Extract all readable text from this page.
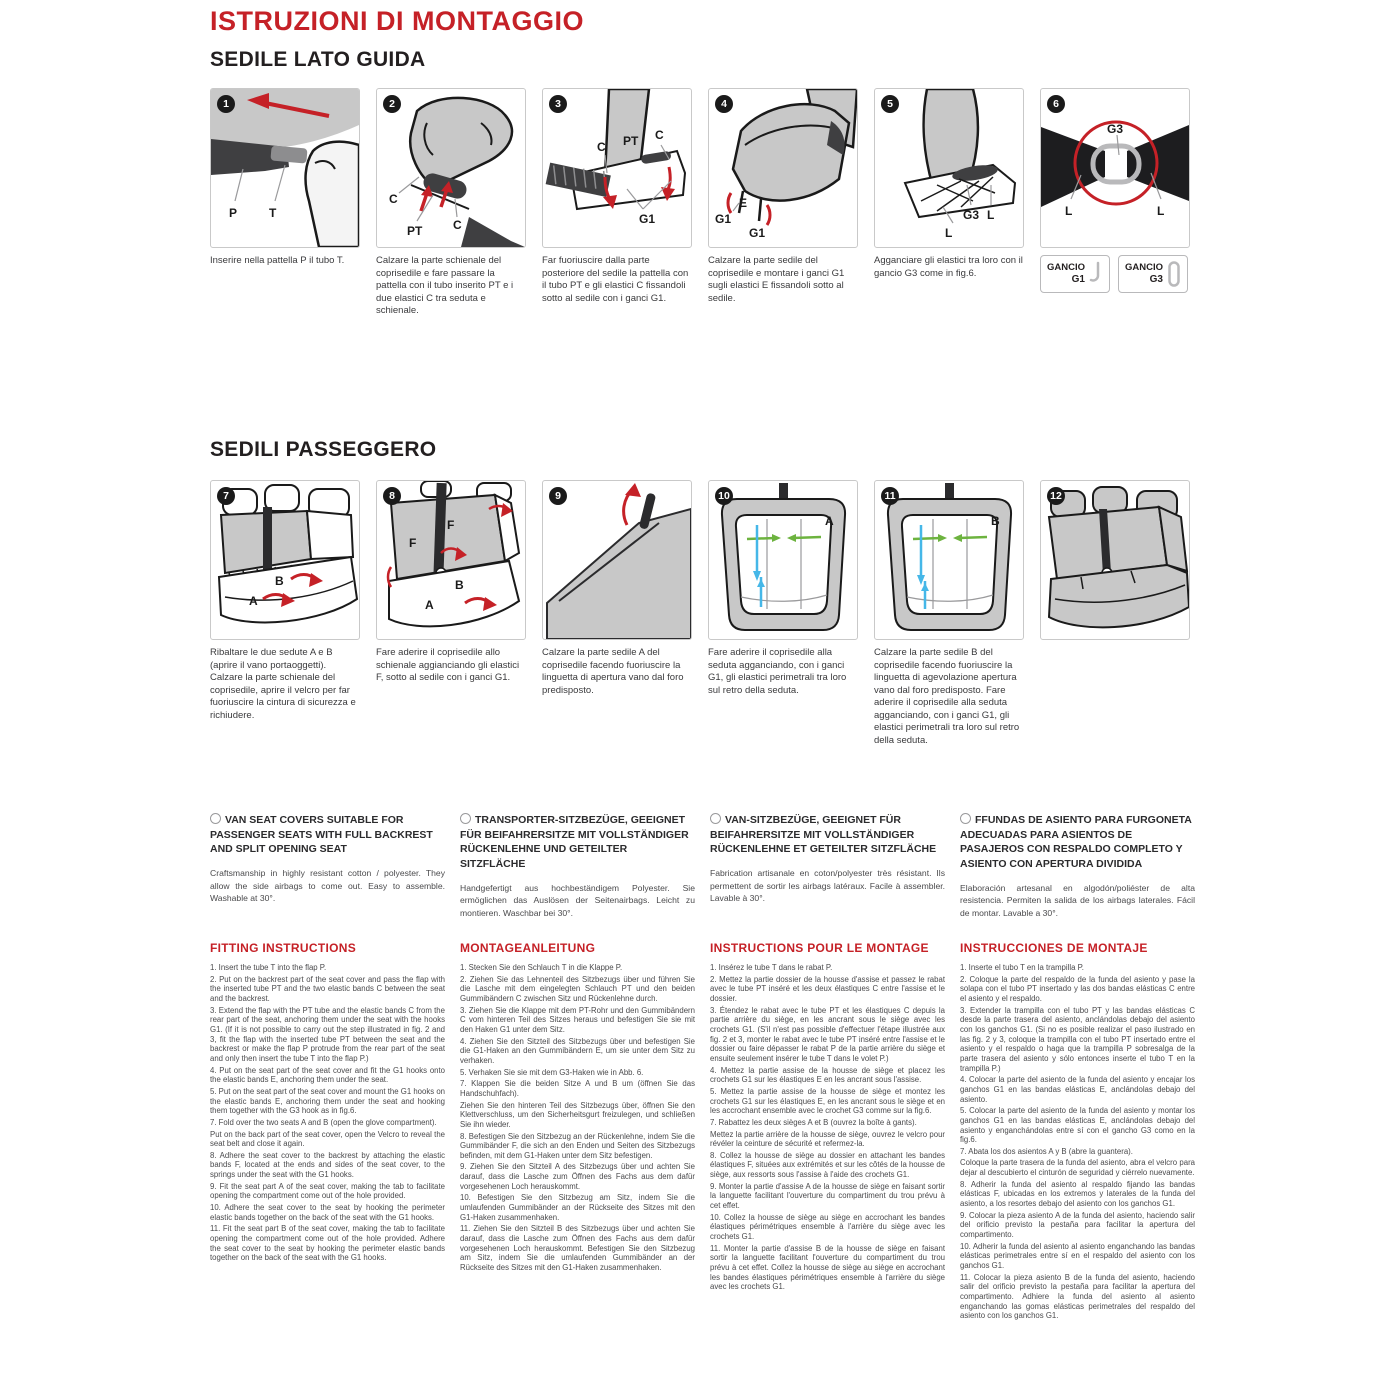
ISTRUZIONI DI MONTAGGIO
SEDILE LATO GUIDA
1
P	T

Inserire nella pattella P il tubo T.

2
C
PT	C

Calzare la parte schienale del coprisedile e fare passare la pattella con il tubo inserito PT e i due elastici C tra seduta e schienale.

3
C PT C
G1

Far fuoriuscire dalla parte posteriore del sedile la pattella con il tubo PT e gli elastici C fissandoli sotto al sedile con i ganci G1.

4
G1
E
G1

Calzare la parte sedile del coprisedile e montare i ganci G1 sugli elastici E fissandoli sotto al sedile.

5
G3 L
L

Agganciare gli elastici tra loro con il gancio G3 come in fig.6.

6
G3
L	L
GANCIO
G1
GANCIO
G3
SEDILI PASSEGGERO
7
A
B

Ribaltare le due sedute A e B (aprire il vano portaoggetti). Calzare la parte schienale del coprisedile, aprire il velcro per far fuoriuscire la cintura di sicurezza e richiudere.

8
F
F
A
B

Fare aderire il coprisedile allo schienale aggianciando gli elastici F, sotto al sedile con i ganci G1.

9

Calzare la parte sedile A del coprisedile facendo fuoriuscire la linguetta di apertura vano dal foro predisposto.

10
A

Fare aderire il coprisedile alla seduta agganciando, con i ganci G1, gli elastici perimetrali tra loro sul retro della seduta.

11
B

Calzare la parte sedile B del coprisedile facendo fuoriuscire la linguetta di agevolazione apertura vano dal foro predisposto. Fare aderire il coprisedile alla seduta agganciando, con i ganci G1, gli elastici perimetrali tra loro sul retro della seduta.

12

VAN SEAT COVERS SUITABLE FOR PASSENGER SEATS WITH FULL BACKREST AND SPLIT OPENING SEAT

Craftsmanship in highly resistant cotton / polyester. They allow the side airbags to come out. Easy to assemble. Washable at 30°.

TRANSPORTER-SITZBEZÜGE, GEEIGNET FÜR BEIFAHRERSITZE MIT VOLLSTÄNDIGER RÜCKENLEHNE UND GETEILTER SITZFLÄCHE

Handgefertigt aus hochbeständigem Polyester. Sie ermöglichen das Auslösen der Seitenairbags. Leicht zu montieren. Waschbar bei 30°.

VAN-SITZBEZÜGE, GEEIGNET FÜR BEIFAHRERSITZE MIT VOLLSTÄNDIGER RÜCKENLEHNE ET GETEILTER SITZFLÄCHE

Fabrication artisanale en coton/polyester très résistant. Ils permettent de sortir les airbags latéraux. Facile à assembler. Lavable à 30°.

FFUNDAS DE ASIENTO PARA FURGONETA ADECUADAS PARA ASIENTOS DE PASAJEROS CON RESPALDO COMPLETO Y ASIENTO CON APERTURA DIVIDIDA

Elaboración artesanal en algodón/poliéster de alta resistencia. Permiten la salida de los airbags laterales. Fácil de montar. Lavable a 30°.

FITTING INSTRUCTIONS

1. Insert the tube T into the flap P.

2. Put on the backrest part of the seat cover and pass the flap with the inserted tube PT and the two elastic bands C between the seat and the backrest.

3. Extend the flap with the PT tube and the elastic bands C from the rear part of the seat, anchoring them under the seat with the hooks G1. (If it is not possible to carry out the step illustrated in fig. 2 and 3, fit the flap with the inserted tube PT between the seat and the backrest or make the flap P protrude from the rear part of the seat and only then insert the tube T into the flap P.)

4. Put on the seat part of the seat cover and fit the G1 hooks onto the elastic bands E, anchoring them under the seat.

5. Put on the seat part of the seat cover and mount the G1 hooks on the elastic bands E, anchoring them under the seat and hooking them together with the G3 hook as in fig.6.

7. Fold over the two seats A and B (open the glove compartment).

Put on the back part of the seat cover, open the Velcro to reveal the seat belt and close it again.

8. Adhere the seat cover to the backrest by attaching the elastic bands F, located at the ends and sides of the seat cover, to the springs under the seat with the G1 hooks.

9. Fit the seat part A of the seat cover, making the tab to facilitate opening the compartment come out of the hole provided.

10. Adhere the seat cover to the seat by hooking the perimeter elastic bands together on the back of the seat with the G1 hooks.

11. Fit the seat part B of the seat cover, making the tab to facilitate opening the compartment come out of the hole provided. Adhere the seat cover to the seat by hooking the perimeter elastic bands together on the back of the seat with the G1 hooks.

MONTAGEANLEITUNG

1. Stecken Sie den Schlauch T in die Klappe P.

2. Ziehen Sie das Lehnenteil des Sitzbezugs über und führen Sie die Lasche mit dem eingelegten Schlauch PT und den beiden Gummibändern C zwischen Sitz und Rückenlehne durch.

3. Ziehen Sie die Klappe mit dem PT-Rohr und den Gummibändern C vom hinteren Teil des Sitzes heraus und befestigen Sie sie mit den Haken G1 unter dem Sitz.

4. Ziehen Sie den Sitzteil des Sitzbezugs über und befestigen Sie die G1-Haken an den Gummibändern E, um sie unter dem Sitz zu verhaken.

5. Verhaken Sie sie mit dem G3-Haken wie in Abb. 6.

7. Klappen Sie die beiden Sitze A und B um (öffnen Sie das Handschuhfach).

Ziehen Sie den hinteren Teil des Sitzbezugs über, öffnen Sie den Klettverschluss, um den Sicherheitsgurt freizulegen, und schließen Sie ihn wieder.

8. Befestigen Sie den Sitzbezug an der Rückenlehne, indem Sie die Gummibänder F, die sich an den Enden und Seiten des Sitzbezugs befinden, mit dem G1-Haken unter dem Sitz befestigen.

9. Ziehen Sie den Sitzteil A des Sitzbezugs über und achten Sie darauf, dass die Lasche zum Öffnen des Fachs aus dem dafür vorgesehenen Loch herauskommt.

10. Befestigen Sie den Sitzbezug am Sitz, indem Sie die umlaufenden Gummibänder an der Rückseite des Sitzes mit den G1-Haken zusammenhaken.

11. Ziehen Sie den Sitzteil B des Sitzbezugs über und achten Sie darauf, dass die Lasche zum Öffnen des Fachs aus dem dafür vorgesehenen Loch herauskommt. Befestigen Sie den Sitzbezug am Sitz, indem Sie die umlaufenden Gummibänder an der Rückseite des Sitzes mit den G1-Haken zusammenhaken.

INSTRUCTIONS POUR LE MONTAGE

1. Insérez le tube T dans le rabat P.

2. Mettez la partie dossier de la housse d'assise et passez le rabat avec le tube PT inséré et les deux élastiques C entre l'assise et le dossier.

3. Étendez le rabat avec le tube PT et les élastiques C depuis la partie arrière du siège, en les ancrant sous le siège avec les crochets G1. (S'il n'est pas possible d'effectuer l'étape illustrée aux fig. 2 et 3, monter le rabat avec le tube PT inséré entre l'assise et le dossier ou faire dépasser le rabat P de la partie arrière du siège et ensuite seulement insérer le tube T dans le volet P.)

4. Mettez la partie assise de la housse de siège et placez les crochets G1 sur les élastiques E en les ancrant sous l'assise.

5. Mettez la partie assise de la housse de siège et montez les crochets G1 sur les élastiques E, en les ancrant sous le siège et en les accrochant ensemble avec le crochet G3 comme sur la fig.6.

7. Rabattez les deux sièges A et B (ouvrez la boîte à gants).

Mettez la partie arrière de la housse de siège, ouvrez le velcro pour révéler la ceinture de sécurité et refermez-la.

8. Collez la housse de siège au dossier en attachant les bandes élastiques F, situées aux extrémités et sur les côtés de la housse de siège, aux ressorts sous l'assise à l'aide des crochets G1.

9. Monter la partie d'assise A de la housse de siège en faisant sortir la languette facilitant l'ouverture du compartiment du trou prévu à cet effet.

10. Collez la housse de siège au siège en accrochant les bandes élastiques périmétriques ensemble à l'arrière du siège avec les crochets G1.

11. Monter la partie d'assise B de la housse de siège en faisant sortir la languette facilitant l'ouverture du compartiment du trou prévu à cet effet. Collez la housse de siège au siège en accrochant les bandes élastiques périmétriques ensemble à l'arrière du siège avec les crochets G1.

INSTRUCCIONES DE MONTAJE

1. Inserte el tubo T en la trampilla P.

2. Coloque la parte del respaldo de la funda del asiento y pase la solapa con el tubo PT insertado y las dos bandas elásticas C entre el asiento y el respaldo.

3. Extender la trampilla con el tubo PT y las bandas elásticas C desde la parte trasera del asiento, anclándolas debajo del asiento con los ganchos G1. (Si no es posible realizar el paso ilustrado en las fig. 2 y 3, coloque la trampilla con el tubo PT insertado entre el asiento y el respaldo o haga que la trampilla P sobresalga de la parte trasera del asiento y sólo entonces inserte el tubo T en la trampilla P.)

4. Colocar la parte del asiento de la funda del asiento y encajar los ganchos G1 en las bandas elásticas E, anclándolas debajo del asiento.

5. Colocar la parte del asiento de la funda del asiento y montar los ganchos G1 en las bandas elásticas E, anclándolas debajo del asiento y enganchándolas entre sí con el gancho G3 como en la fig.6.

7. Abata los dos asientos A y B (abre la guantera).

Coloque la parte trasera de la funda del asiento, abra el velcro para dejar al descubierto el cinturón de seguridad y ciérrelo nuevamente.

8. Adherir la funda del asiento al respaldo fijando las bandas elásticas F, ubicadas en los extremos y laterales de la funda del asiento, a los resortes debajo del asiento con los ganchos G1.

9. Colocar la pieza asiento A de la funda del asiento, haciendo salir del orificio previsto la pestaña para facilitar la apertura del compartimento.

10. Adherir la funda del asiento al asiento enganchando las bandas elásticas perimetrales entre sí en el respaldo del asiento con los ganchos G1.

11. Colocar la pieza asiento B de la funda del asiento, haciendo salir del orificio previsto la pestaña para facilitar la apertura del compartimento. Adhiere la funda del asiento al asiento enganchando las gomas elásticas perimetrales del respaldo del asiento con los ganchos G1.
